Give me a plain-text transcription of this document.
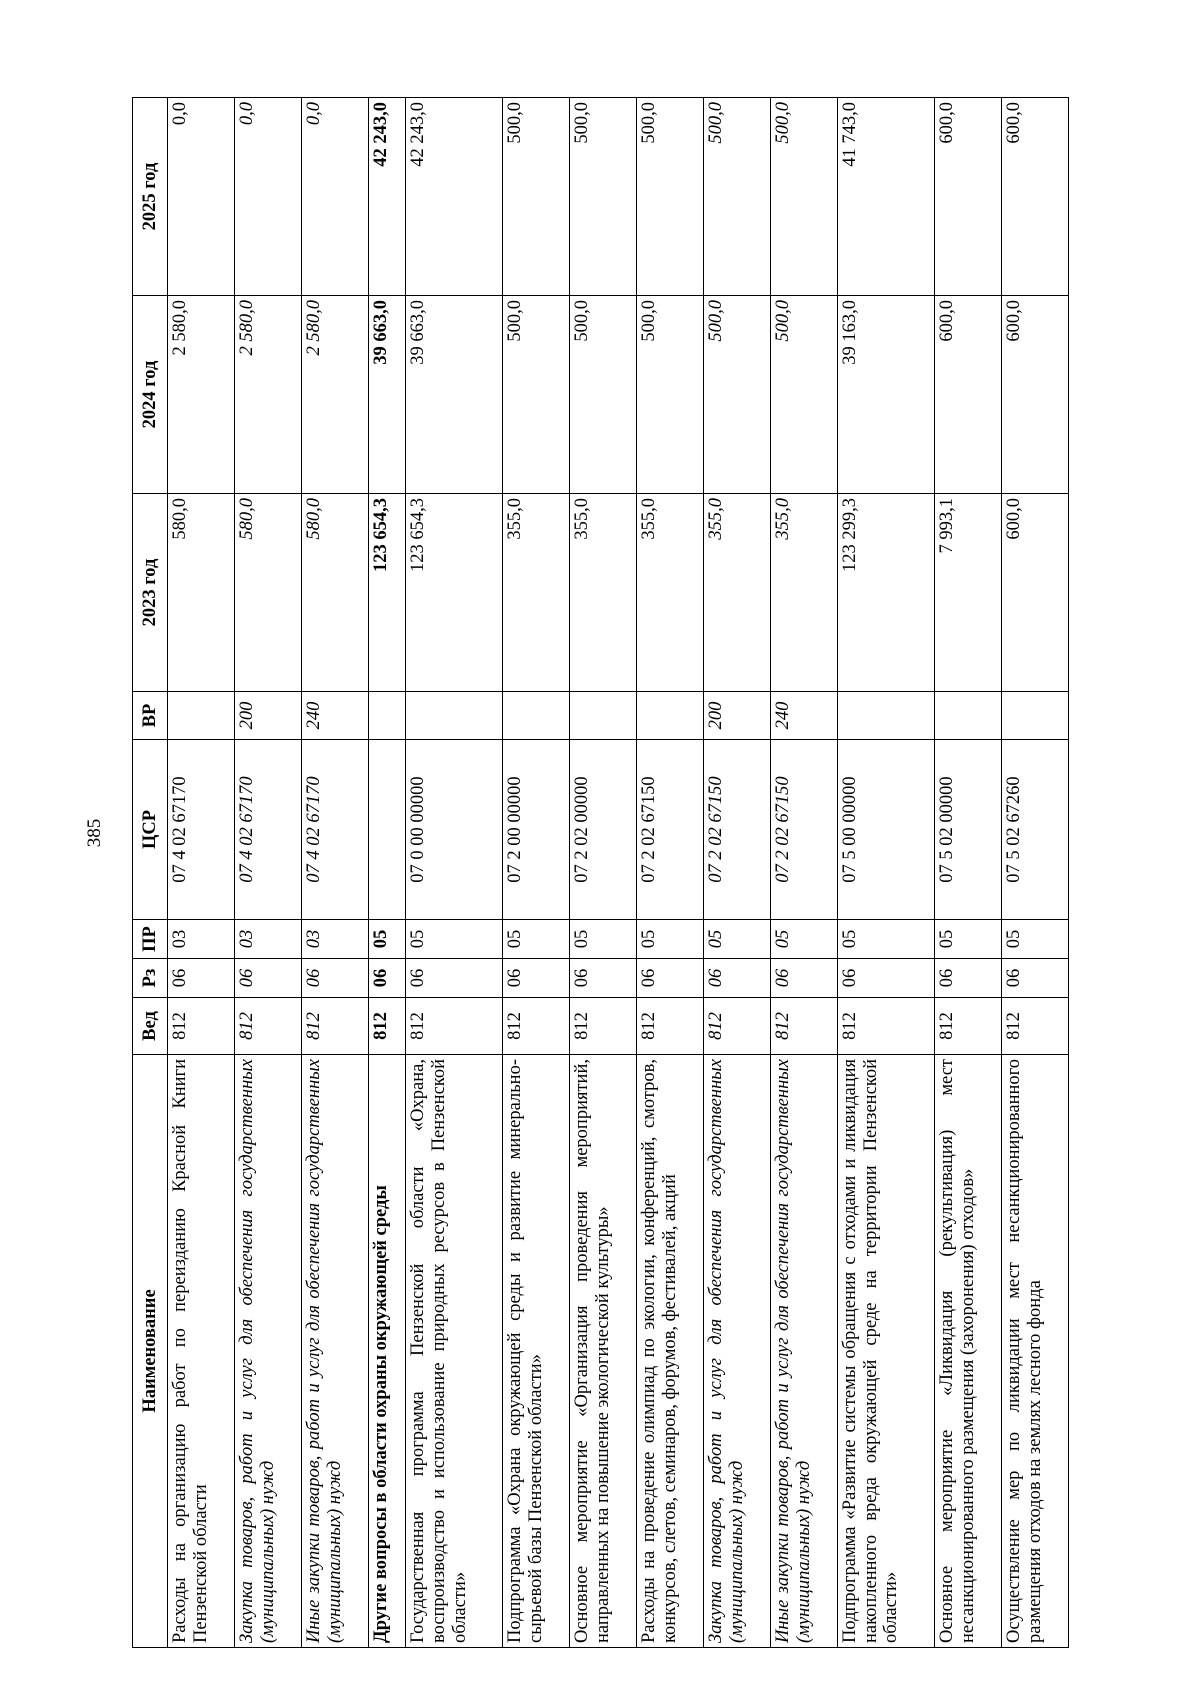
385
Наименование	Вед	Рз	ПР	ЦСР	ВР	2023 год	2024 год	2025 год
Расходы на организацию работ по переизданию Красной Книги Пензенской области	812	06	03	07 4 02 67170		580,0	2 580,0	0,0
Закупка товаров, работ и услуг для обеспечения государственных (муниципальных) нужд	812	06	03	07 4 02 67170	200	580,0	2 580,0	0,0
Иные закупки товаров, работ и услуг для обеспечения государственных (муниципальных) нужд	812	06	03	07 4 02 67170	240	580,0	2 580,0	0,0
Другие вопросы в области охраны окружающей среды	812	06	05			123 654,3	39 663,0	42 243,0
Государственная программа Пензенской области «Охрана, воспроизводство и использование природных ресурсов в Пензенской области»	812	06	05	07 0 00 00000		123 654,3	39 663,0	42 243,0
Подпрограмма «Охрана окружающей среды и развитие минерально-сырьевой базы Пензенской области»	812	06	05	07 2 00 00000		355,0	500,0	500,0
Основное мероприятие «Организация проведения мероприятий, направленных на повышение экологической культуры»	812	06	05	07 2 02 00000		355,0	500,0	500,0
Расходы на проведение олимпиад по экологии, конференций, смотров, конкурсов, слетов, семинаров, форумов, фестивалей, акций	812	06	05	07 2 02 67150		355,0	500,0	500,0
Закупка товаров, работ и услуг для обеспечения государственных (муниципальных) нужд	812	06	05	07 2 02 67150	200	355,0	500,0	500,0
Иные закупки товаров, работ и услуг для обеспечения государственных (муниципальных) нужд	812	06	05	07 2 02 67150	240	355,0	500,0	500,0
Подпрограмма «Развитие системы обращения с отходами и ликвидация накопленного вреда окружающей среде на территории Пензенской области»	812	06	05	07 5 00 00000		123 299,3	39 163,0	41 743,0
Основное мероприятие «Ликвидация (рекультивация) мест несанкционированного размещения (захоронения) отходов»	812	06	05	07 5 02 00000		7 993,1	600,0	600,0
Осуществление мер по ликвидации мест несанкционированного размещения отходов на землях лесного фонда	812	06	05	07 5 02 67260		600,0	600,0	600,0
